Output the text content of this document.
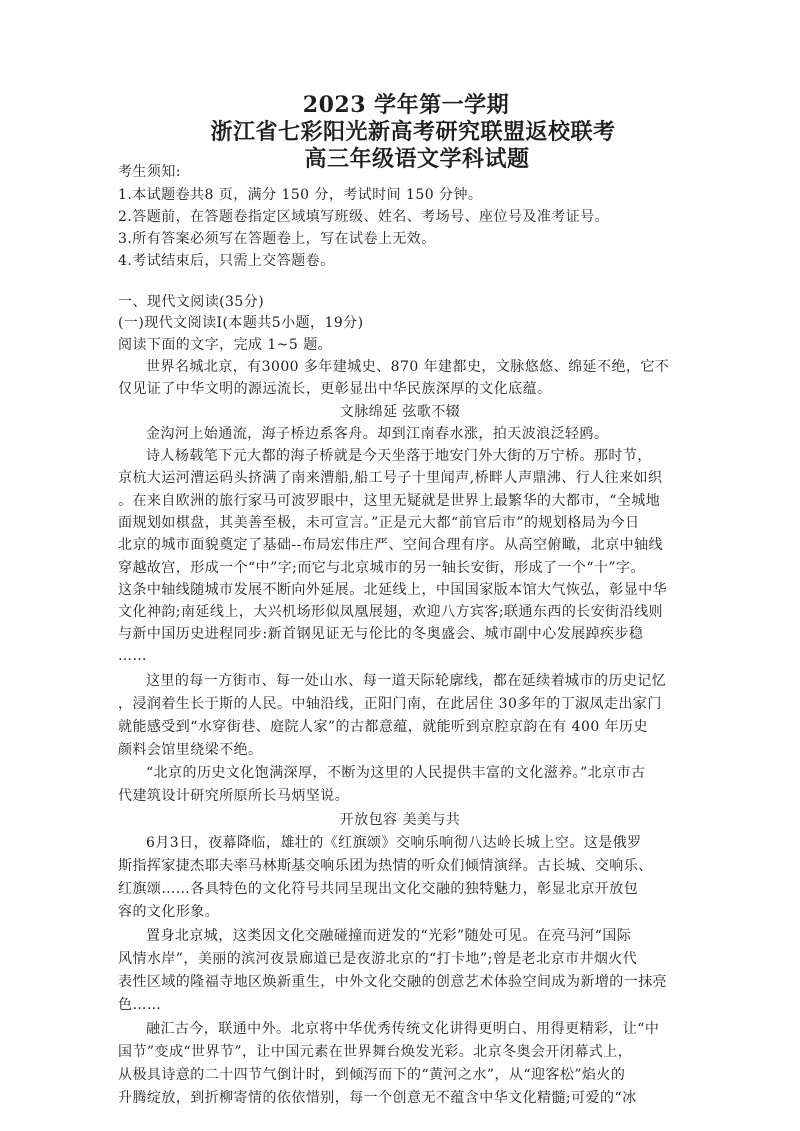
2023 学年第一学期
浙江省七彩阳光新高考研究联盟返校联考
高三年级语文学科试题
考生须知:
1.本试题卷共8 页，满分 150 分，考试时间 150 分钟。
2.答题前，在答题卷指定区域填写班级、姓名、考场号、座位号及准考证号。
3.所有答案必须写在答题卷上，写在试卷上无效。
4.考试结束后，只需上交答题卷。
一、现代文阅读(35分)
(一)现代文阅读Ⅰ(本题共5小题，19分)
阅读下面的文字，完成 1~5 题。
世界名城北京，有3000 多年建城史、870 年建都史，文脉悠悠、绵延不绝，它不
仅见证了中华文明的源远流长，更彰显出中华民族深厚的文化底蕴。
文脉绵延 弦歌不辍
金沟河上始通流，海子桥边系客舟。却到江南春水涨，拍天波浪泛轻鸥。
诗人杨载笔下元大都的海子桥就是今天坐落于地安门外大街的万宁桥。那时节，
京杭大运河漕运码头挤满了南来漕船,船工号子十里闻声,桥畔人声鼎沸、行人往来如织
。在来自欧洲的旅行家马可波罗眼中，这里无疑就是世界上最繁华的大都市，“全城地
面规划如棋盘，其美善至极，未可宣言。”正是元大都“前官后市”的规划格局为今日
北京的城市面貌奠定了基础--布局宏伟庄严、空间合理有序。从高空俯瞰，北京中轴线
穿越故宫，形成一个“中”字;而它与北京城市的另一轴长安街，形成了一个“十”字。
这条中轴线随城市发展不断向外延展。北延线上，中国国家版本馆大气恢弘，彰显中华
文化神韵;南延线上，大兴机场形似凤凰展翅，欢迎八方宾客;联通东西的长安街沿线则
与新中国历史进程同步:新首钢见证无与伦比的冬奥盛会、城市副中心发展踔疾步稳
……
这里的每一方街市、每一处山水、每一道天际轮廓线，都在延续着城市的历史记忆
，浸润着生长于斯的人民。中轴沿线，正阳门南，在此居住 30多年的丁淑凤走出家门
就能感受到“水穿街巷、庭院人家”的古都意蕴，就能听到京腔京韵在有 400 年历史
颜料会馆里绕梁不绝。
“北京的历史文化饱满深厚，不断为这里的人民提供丰富的文化滋养。”北京市古
代建筑设计研究所原所长马炳坚说。
开放包容 美美与共
6月3日，夜幕降临，雄壮的《红旗颂》交响乐响彻八达岭长城上空。这是俄罗
斯指挥家捷杰耶夫率马林斯基交响乐团为热情的听众们倾情演绎。古长城、交响乐、
红旗颂……各具特色的文化符号共同呈现出文化交融的独特魅力，彰显北京开放包
容的文化形象。
置身北京城，这类因文化交融碰撞而迸发的“光彩”随处可见。在亮马河“国际
风情水岸”，美丽的滨河夜景廊道已是夜游北京的“打卡地”;曾是老北京市井烟火代
表性区域的隆福寺地区焕新重生，中外文化交融的创意艺术体验空间成为新增的一抹亮
色……
融汇古今，联通中外。北京将中华优秀传统文化讲得更明白、用得更精彩，让“中
国节”变成“世界节”，让中国元素在世界舞台焕发光彩。北京冬奥会开闭幕式上，
从极具诗意的二十四节气倒计时，到倾泻而下的“黄河之水”，从“迎客松”焰火的
升腾绽放，到折柳寄情的依依惜别，每一个创意无不蕴含中华文化精髓;可爱的“冰
